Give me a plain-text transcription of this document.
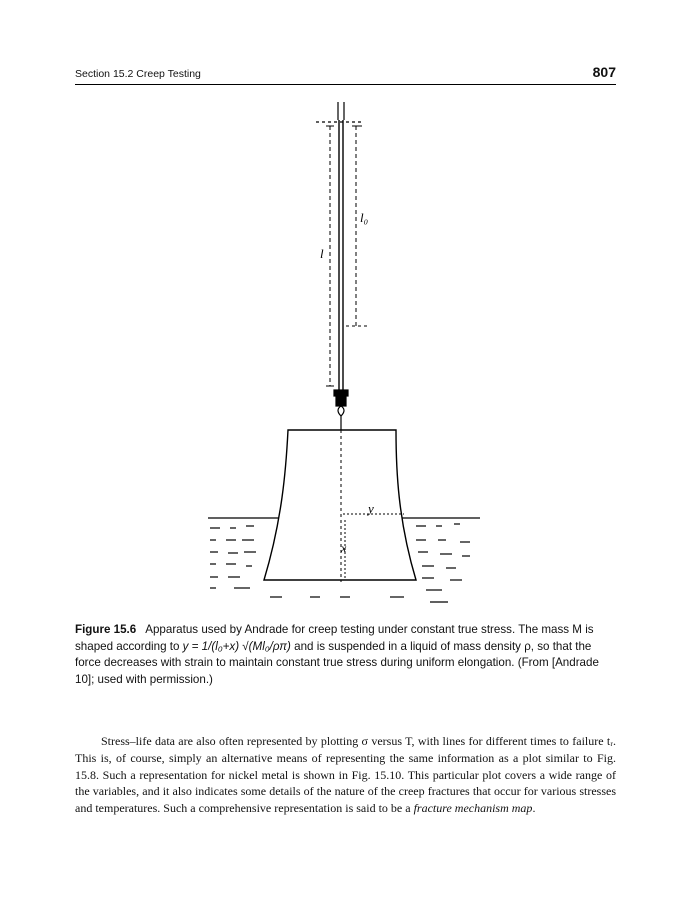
Section 15.2 Creep Testing	807
l
l₀
y
x
Figure 15.6 Apparatus used by Andrade for creep testing under constant true stress. The mass M is shaped according to y = 1/(l₀+x) √(Ml₀/ρπ) and is suspended in a liquid of mass density ρ, so that the force decreases with strain to maintain constant true stress during uniform elongation. (From [Andrade 10]; used with permission.)

Stress–life data are also often represented by plotting σ versus T, with lines for different times to failure tᵣ. This is, of course, simply an alternative means of representing the same information as a plot similar to Fig. 15.8. Such a representation for nickel metal is shown in Fig. 15.10. This particular plot covers a wide range of the variables, and it also indicates some details of the nature of the creep fractures that occur for various stresses and temperatures. Such a comprehensive representation is said to be a fracture mechanism map.
